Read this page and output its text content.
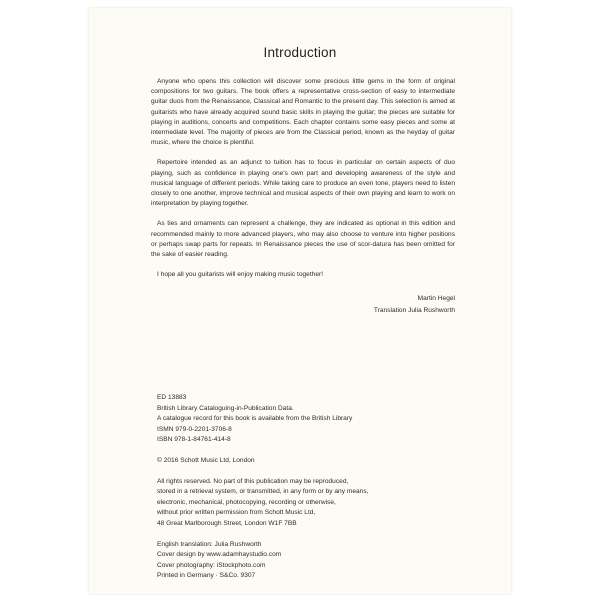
Introduction

Anyone who opens this collection will discover some precious little gems in the form of original compositions for two guitars. The book offers a representative cross-section of easy to intermediate guitar duos from the Renaissance, Classical and Romantic to the present day. This selection is aimed at guitarists who have already acquired sound basic skills in playing the guitar; the pieces are suitable for playing in auditions, concerts and competitions. Each chapter contains some easy pieces and some at intermediate level. The majority of pieces are from the Classical period, known as the heyday of guitar music, where the choice is plentiful.

Repertoire intended as an adjunct to tuition has to focus in particular on certain aspects of duo playing, such as confidence in playing one's own part and developing awareness of the style and musical language of different periods. While taking care to produce an even tone, players need to listen closely to one another, improve technical and musical aspects of their own playing and learn to work on interpretation by playing together.

As ties and ornaments can represent a challenge, they are indicated as optional in this edition and recommended mainly to more advanced players, who may also choose to venture into higher positions or perhaps swap parts for repeats. In Renaissance pieces the use of scor-datura has been omitted for the sake of easier reading.

I hope all you guitarists will enjoy making music together!

Martin Hegel
Translation Julia Rushworth
ED 13883
British Library Cataloguing-in-Publication Data.
A catalogue record for this book is available from the British Library
ISMN 979-0-2201-3706-8
ISBN 978-1-84761-414-8
© 2016 Schott Music Ltd, London
All rights reserved. No part of this publication may be reproduced,
stored in a retrieval system, or transmitted, in any form or by any means,
electronic, mechanical, photocopying, recording or otherwise,
without prior written permission from Schott Music Ltd,
48 Great Marlborough Street, London W1F 7BB
English translation: Julia Rushworth
Cover design by www.adamhaystudio.com
Cover photography: iStockphoto.com
Printed in Germany · S&Co. 9307
